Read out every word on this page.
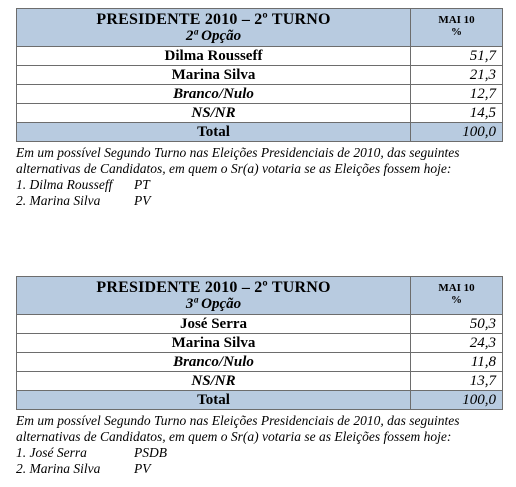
PRESIDENTE 2010 – 2º TURNO
2ª Opção	MAI 10
%

Dilma Rousseff	51,7
Marina Silva	21,3
Branco/Nulo	12,7
NS/NR	14,5
Total	100,0

Em um possível Segundo Turno nas Eleições Presidenciais de 2010, das seguintes alternativas de Candidatos, em quem o Sr(a) votaria se as Eleições fossem hoje:

1. Dilma Rousseff	PT
2. Marina Silva	PV
PRESIDENTE 2010 – 2º TURNO
3ª Opção	MAI 10
%

José Serra	50,3
Marina Silva	24,3
Branco/Nulo	11,8
NS/NR	13,7
Total	100,0

Em um possível Segundo Turno nas Eleições Presidenciais de 2010, das seguintes alternativas de Candidatos, em quem o Sr(a) votaria se as Eleições fossem hoje:

1. José Serra	PSDB
2. Marina Silva	PV
